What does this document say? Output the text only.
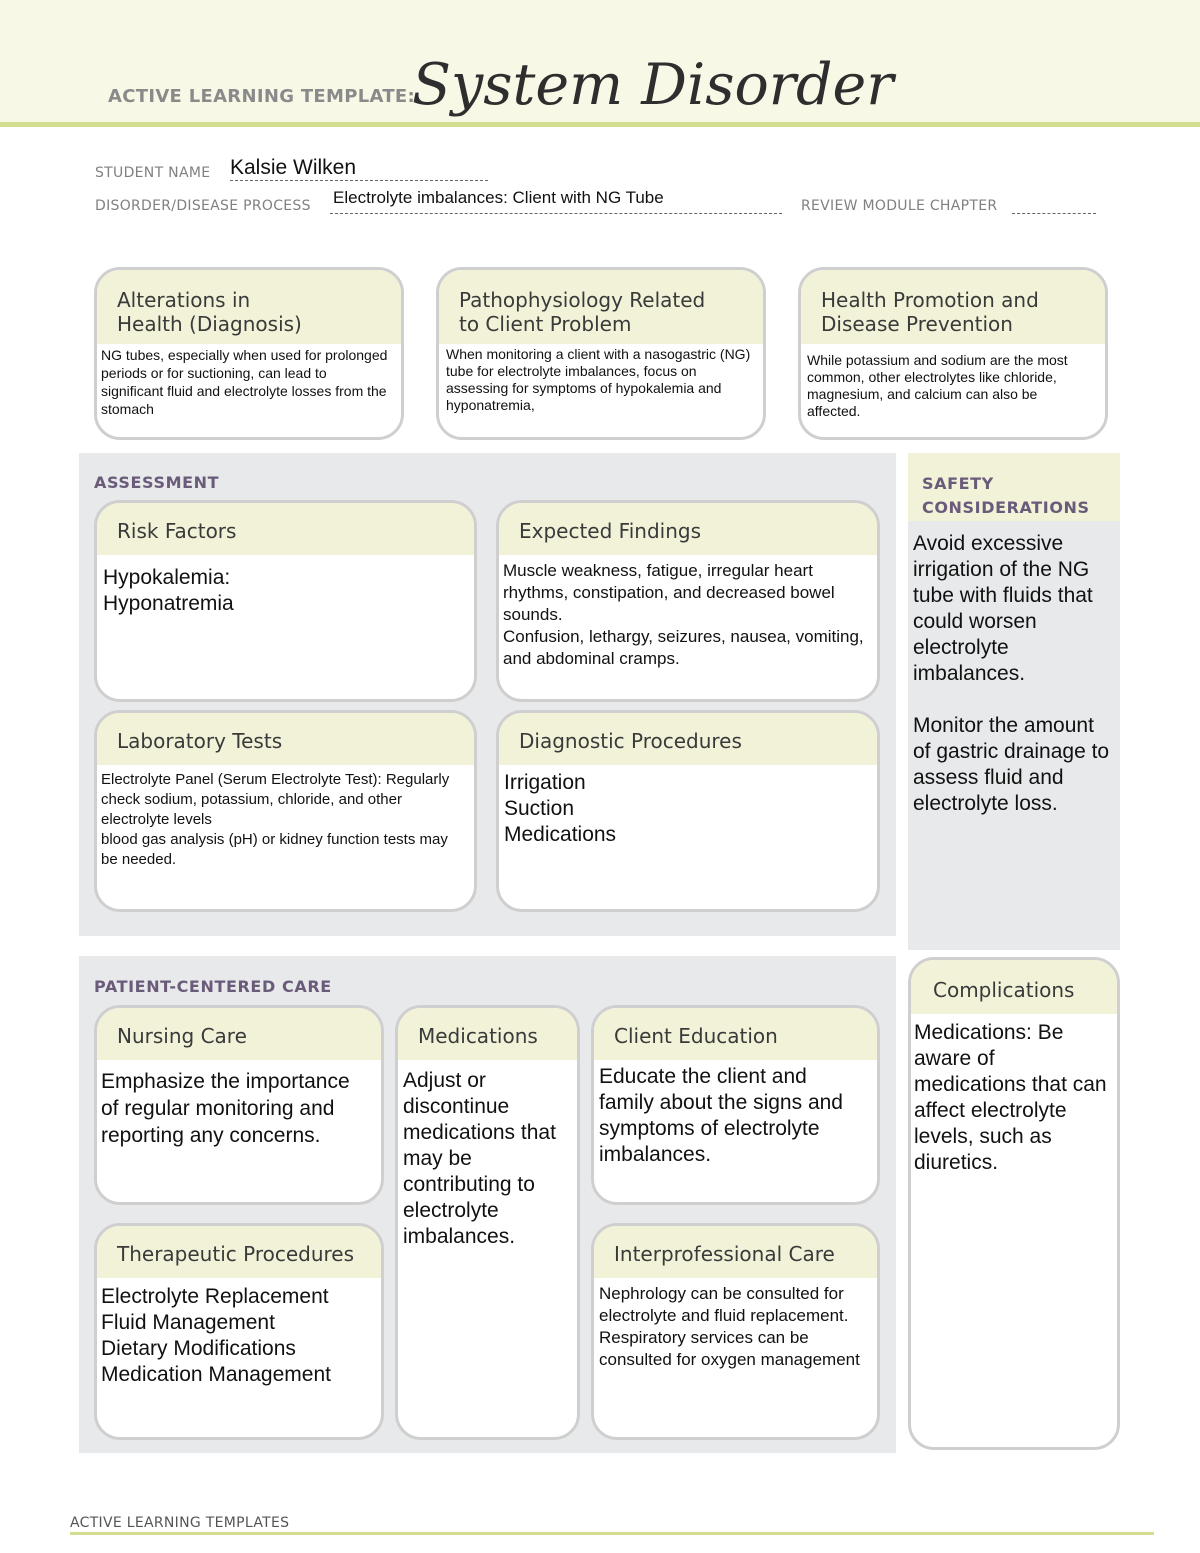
ACTIVE LEARNING TEMPLATE:
System Disorder
STUDENT NAME Kalsie Wilken
DISORDER/DISEASE PROCESS Electrolyte imbalances: Client with NG Tube	REVIEW MODULE CHAPTER
Alterations in
Health (Diagnosis)
NG tubes, especially when used for prolonged periods or for suctioning, can lead to significant fluid and electrolyte losses from the stomach
Pathophysiology Related
to Client Problem
When monitoring a client with a nasogastric (NG) tube for electrolyte imbalances, focus on assessing for symptoms of hypokalemia and hyponatremia,
Health Promotion and
Disease Prevention
While potassium and sodium are the most common, other electrolytes like chloride, magnesium, and calcium can also be affected.
ASSESSMENT
Risk Factors
Hypokalemia:
Hyponatremia
Expected Findings
Muscle weakness, fatigue, irregular heart rhythms, constipation, and decreased bowel sounds.
Confusion, lethargy, seizures, nausea, vomiting, and abdominal cramps.
Laboratory Tests
Electrolyte Panel (Serum Electrolyte Test): Regularly check sodium, potassium, chloride, and other electrolyte levels
blood gas analysis (pH) or kidney function tests may be needed.
Diagnostic Procedures
Irrigation
Suction
Medications
SAFETY
CONSIDERATIONS
Avoid excessive irrigation of the NG tube with fluids that could worsen electrolyte imbalances.

Monitor the amount of gastric drainage to assess fluid and electrolyte loss.
PATIENT-CENTERED CARE
Nursing Care
Emphasize the importance of regular monitoring and reporting any concerns.
Medications
Adjust or discontinue medications that may be contributing to electrolyte imbalances.
Client Education
Educate the client and family about the signs and symptoms of electrolyte imbalances.
Therapeutic Procedures
Electrolyte Replacement
Fluid Management
Dietary Modifications
Medication Management
Interprofessional Care
Nephrology can be consulted for electrolyte and fluid replacement.
Respiratory services can be consulted for oxygen management
Complications
Medications: Be aware of medications that can affect electrolyte levels, such as diuretics.
ACTIVE LEARNING TEMPLATES
